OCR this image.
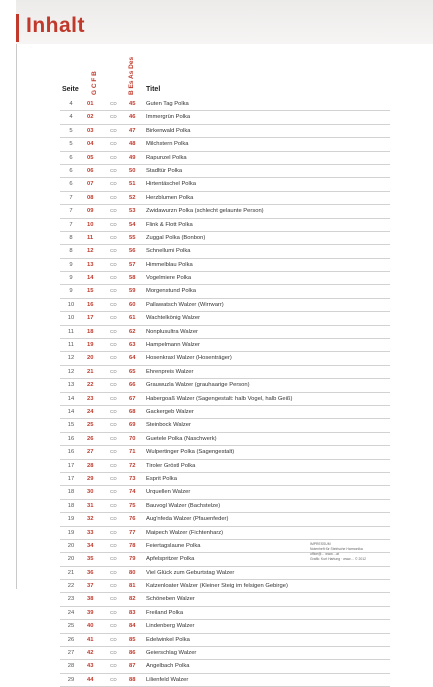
Inhalt
G C F B	B Es As Des
Seite	Titel
4	01	CD 45 Guten Tag Polka
4	02	CD 46 Immergrün Polka
5	03	CD 47 Birkenwald Polka
5	04	CD 48 Milchstern Polka
6	05	CD 49 Rapunzel Polka
6	06	CD 50 Stadltür Polka
6	07	CD 51 Hirtentäschel Polka
7	08	CD 52 Herzblumen Polka
7	09	CD 53 Zwidawurzn Polka (schlecht gelaunte Person)
7	10	CD 54 Flink & Flott Polka
8	11	CD 55 Zuggal Polka (Bonbon)
8	12	CD 56 Schnellumi Polka
9	13	CD 57 Himmelblau Polka
9	14	CD 58 Vogelmiere Polka
9	15	CD 59 Morgenstund Polka
10	16	CD 60 Pallawatsch Walzer (Wirrwarr)
10	17	CD 61 Wachtelkönig Walzer
11	18	CD 62 Nonplusultra Walzer
11	19	CD 63 Hampelmann Walzer
12	20	CD 64 Hosenkraxl Walzer (Hosenträger)
12	21	CD 65 Ehrenpreis Walzer
13	22	CD 66 Grauwuzla Walzer (grauhaarige Person)
14	23	CD 67 Habergoaß Walzer (Sagengestalt: halb Vogel, halb Geiß)
14	24	CD 68 Gackergeb Walzer
15	25	CD 69 Steinbock Walzer
16	26	CD 70 Guetele Polka (Naschwerk)
16	27	CD 71 Wulpertinger Polka (Sagengestalt)
17	28	CD 72 Tiroler Gröstl Polka
17	29	CD 73 Esprit Polka
18	30	CD 74 Urquellen Walzer
18	31	CD 75 Bauvogl Walzer (Bachstelze)
19	32	CD 76 Aug'nfeda Walzer (Pfauenfeder)
19	33	CD 77 Maipech Walzer (Fichtenharz)
20	34	CD 78 Feiertagslaune Polka
20	35	CD 79 Apfelspritzer Polka
21	36	CD 80 Viel Glück zum Geburtstag Walzer
22	37	CD 81 Katzenloater Walzer (Kleiner Steig im felsigen Gebirge)
23	38	CD 82 Schöneben Walzer
24	39	CD 83 Freiland Polka
25	40	CD 84 Lindenberg Walzer
26	41	CD 85 Edelwinkel Polka
27	42	CD 86 Geierschlag Walzer
28	43	CD 87 Angelbach Polka
29	44	CD 88 Lilienfeld Walzer
IMPRESSUM
Notenheft für Steirische Harmonika
office@... www....at
Grafik: Kurt Hartung · www.... © 2012
